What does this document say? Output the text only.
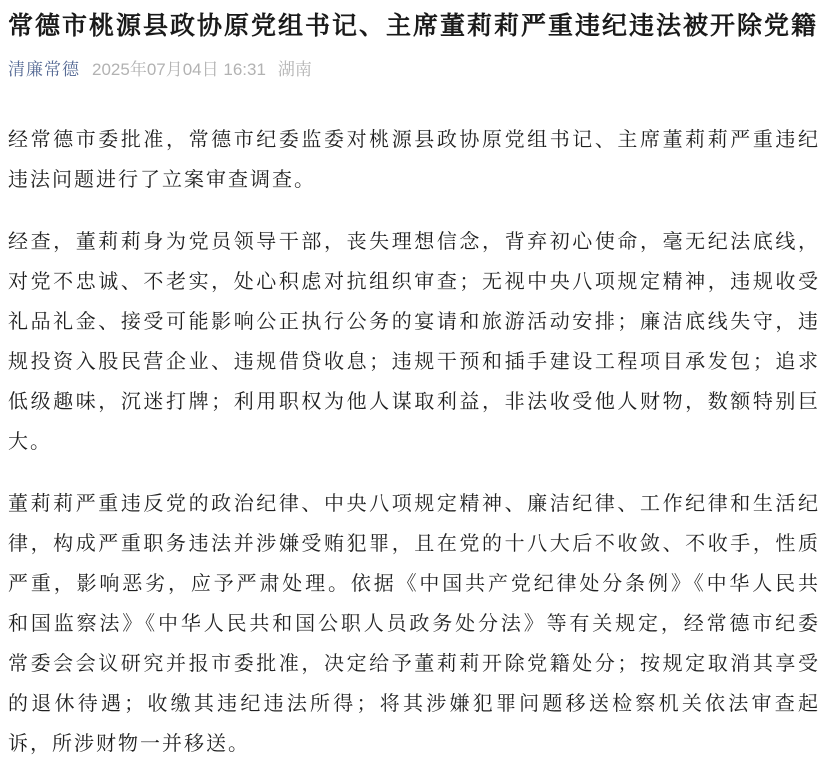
常德市桃源县政协原党组书记、主席董莉莉严重违纪违法被开除党籍
清廉常德 2025年07月04日 16:31 湖南
经常德市委批准，常德市纪委监委对桃源县政协原党组书记、主席董莉莉严重违纪
违法问题进行了立案审查调查。
经查，董莉莉身为党员领导干部，丧失理想信念，背弃初心使命，毫无纪法底线，
对党不忠诚、不老实，处心积虑对抗组织审查；无视中央八项规定精神，违规收受
礼品礼金、接受可能影响公正执行公务的宴请和旅游活动安排；廉洁底线失守，违
规投资入股民营企业、违规借贷收息；违规干预和插手建设工程项目承发包；追求
低级趣味，沉迷打牌；利用职权为他人谋取利益，非法收受他人财物，数额特别巨
大。
董莉莉严重违反党的政治纪律、中央八项规定精神、廉洁纪律、工作纪律和生活纪
律，构成严重职务违法并涉嫌受贿犯罪，且在党的十八大后不收敛、不收手，性质
严重，影响恶劣，应予严肃处理。依据《中国共产党纪律处分条例》《中华人民共
和国监察法》《中华人民共和国公职人员政务处分法》等有关规定，经常德市纪委
常委会会议研究并报市委批准，决定给予董莉莉开除党籍处分；按规定取消其享受
的退休待遇；收缴其违纪违法所得；将其涉嫌犯罪问题移送检察机关依法审查起
诉，所涉财物一并移送。
